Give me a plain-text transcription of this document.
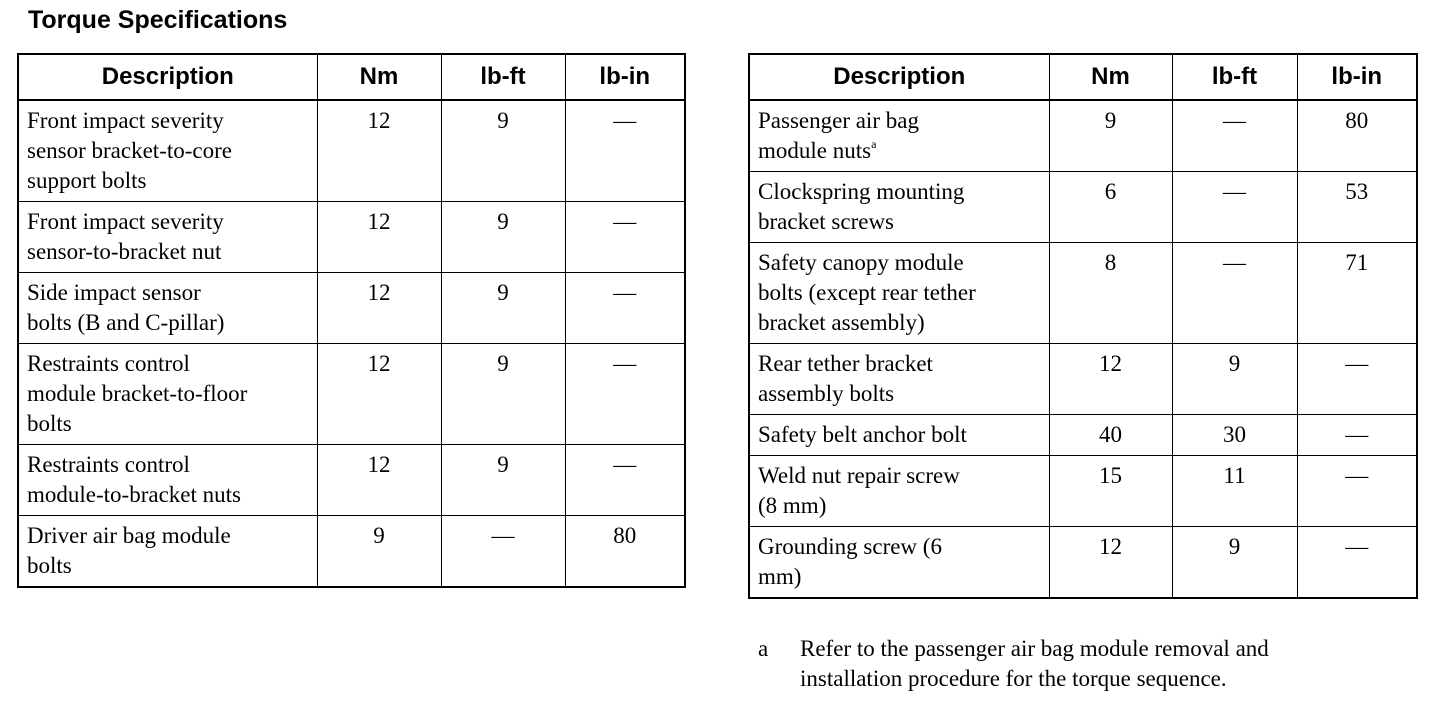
Torque Specifications
Description	Nm	lb-ft	lb-in

Front impact severity
sensor bracket-to-core
support bolts	12	9	—

Front impact severity
sensor-to-bracket nut	12	9	—

Side impact sensor
bolts (B and C-pillar)	12	9	—

Restraints control
module bracket-to-floor
bolts	12	9	—

Restraints control
module-to-bracket nuts	12	9	—

Driver air bag module
bolts	9	—	80
Description	Nm	lb-ft	lb-in

Passenger air bag
module nuts$^a$	9	—	80

Clockspring mounting
bracket screws	6	—	53

Safety canopy module
bolts (except rear tether
bracket assembly)	8	—	71

Rear tether bracket
assembly bolts	12	9	—

Safety belt anchor bolt	40	30	—

Weld nut repair screw
(8 mm)	15	11	—

Grounding screw (6
mm)	12	9	—
a Refer to the passenger air bag module removal and
installation procedure for the torque sequence.
